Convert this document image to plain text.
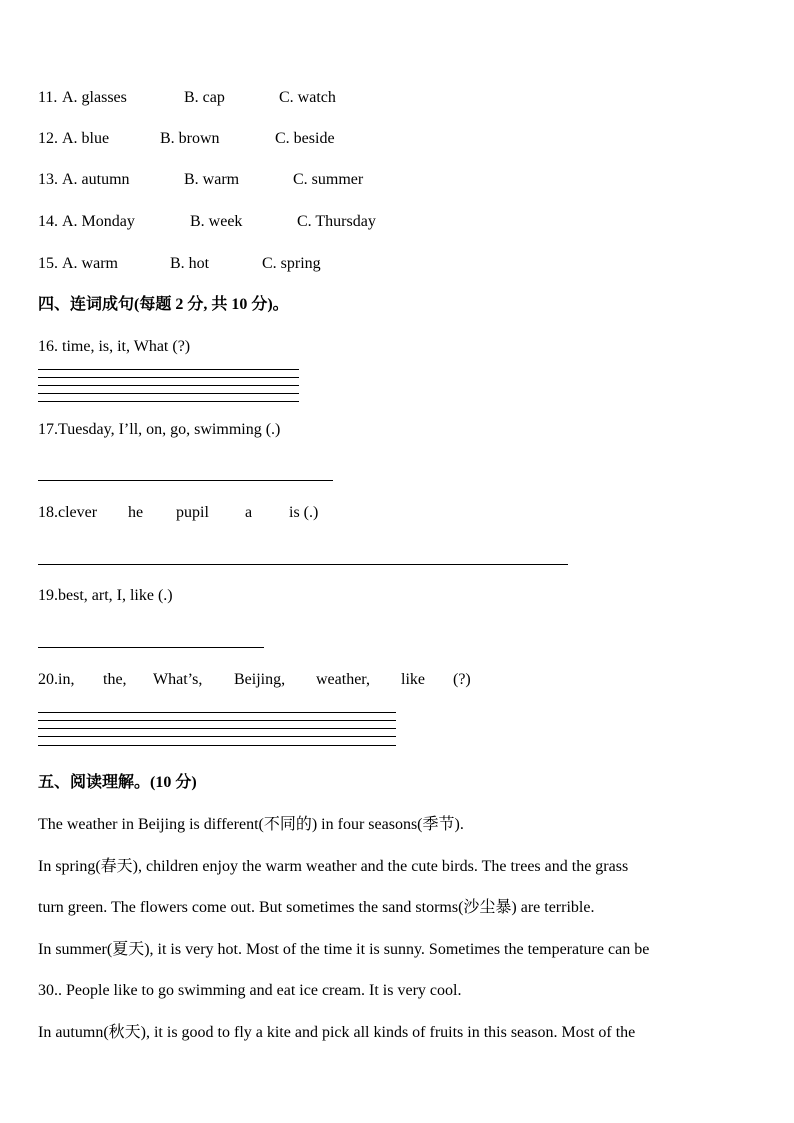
11. A. glasses	B. cap	C. watch
12. A. blue	B. brown	C. beside
13. A. autumn	B. warm	C. summer
14. A. Monday	B. week	C. Thursday
15. A. warm	B. hot	C. spring
四、连词成句(每题 2 分, 共 10 分)。
16. time, is, it, What (?)
17.Tuesday, I’ll, on, go, swimming (.)
18.clever he pupil a is (.)
19.best, art, I, like (.)
20.in, the, What’s, Beijing, weather, like (?)
五、阅读理解。(10 分)
The weather in Beijing is different(不同的) in four seasons(季节).
In spring(春天), children enjoy the warm weather and the cute birds. The trees and the grass
turn green. The flowers come out. But sometimes the sand storms(沙尘暴) are terrible.
In summer(夏天), it is very hot. Most of the time it is sunny. Sometimes the temperature can be
30.. People like to go swimming and eat ice cream. It is very cool.
In autumn(秋天), it is good to fly a kite and pick all kinds of fruits in this season. Most of the
